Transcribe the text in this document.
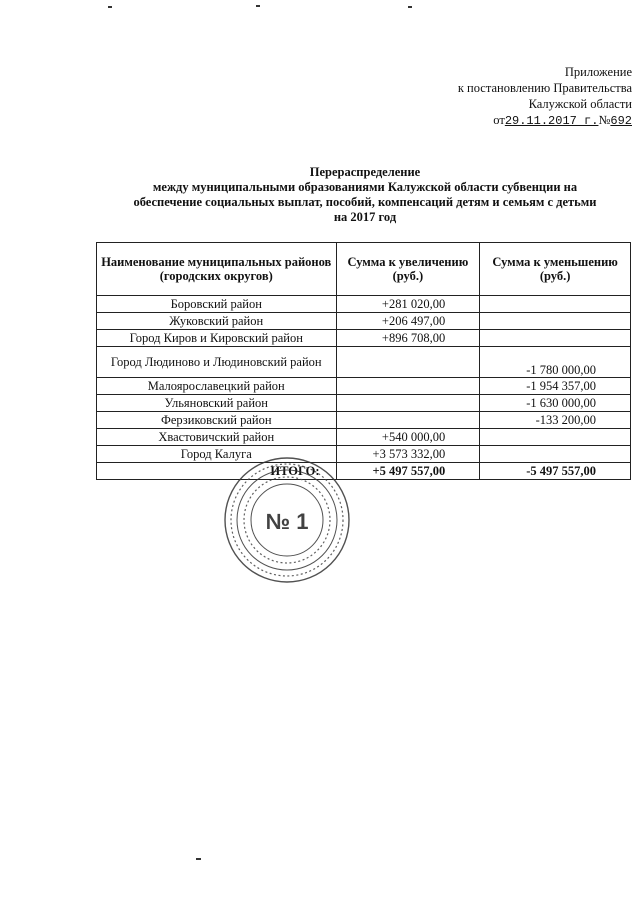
Приложение
к постановлению Правительства
Калужской области
от29.11.2017 г.№692
Перераспределение
между муниципальными образованиями Калужской области субвенции на
обеспечение социальных выплат, пособий, компенсаций детям и семьям с детьми
на 2017 год
Наименование муниципальных районов (городских округов)	Сумма к увеличению (руб.)	Сумма к уменьшению (руб.)
Боровский район	+281 020,00	
Жуковский район	+206 497,00	
Город Киров и Кировский район	+896 708,00	
Город Людиново и Людиновский район		-1 780 000,00
Малоярославецкий район		-1 954 357,00
Ульяновский район		-1 630 000,00
Ферзиковский район		-133 200,00
Хвастовичский район	+540 000,00	
Город Калуга	+3 573 332,00	
ИТОГО:	+5 497 557,00	-5 497 557,00
№ 1
